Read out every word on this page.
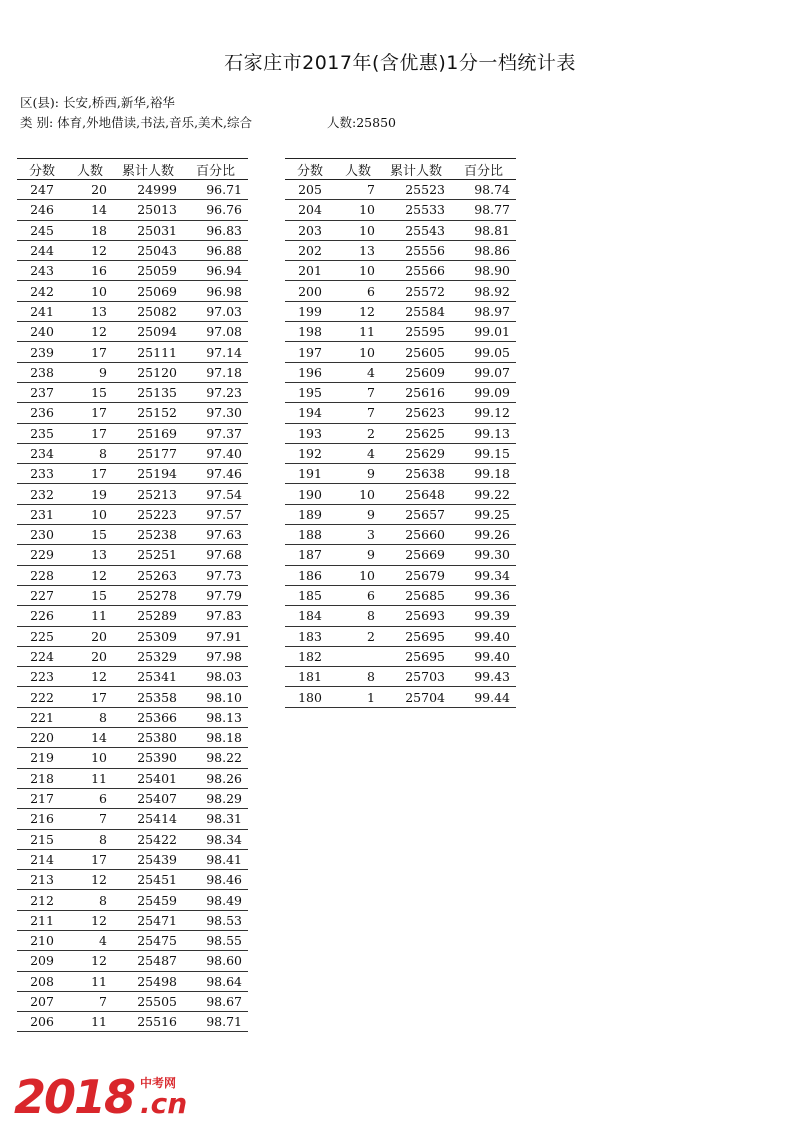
石家庄市2017年(含优惠)1分一档统计表
区(县): 长安,桥西,新华,裕华
类 别: 体育,外地借读,书法,音乐,美术,综合	人数:25850
分数	人数	累计人数	百分比
247	20	24999	96.71
246	14	25013	96.76
245	18	25031	96.83
244	12	25043	96.88
243	16	25059	96.94
242	10	25069	96.98
241	13	25082	97.03
240	12	25094	97.08
239	17	25111	97.14
238	9	25120	97.18
237	15	25135	97.23
236	17	25152	97.30
235	17	25169	97.37
234	8	25177	97.40
233	17	25194	97.46
232	19	25213	97.54
231	10	25223	97.57
230	15	25238	97.63
229	13	25251	97.68
228	12	25263	97.73
227	15	25278	97.79
226	11	25289	97.83
225	20	25309	97.91
224	20	25329	97.98
223	12	25341	98.03
222	17	25358	98.10
221	8	25366	98.13
220	14	25380	98.18
219	10	25390	98.22
218	11	25401	98.26
217	6	25407	98.29
216	7	25414	98.31
215	8	25422	98.34
214	17	25439	98.41
213	12	25451	98.46
212	8	25459	98.49
211	12	25471	98.53
210	4	25475	98.55
209	12	25487	98.60
208	11	25498	98.64
207	7	25505	98.67
206	11	25516	98.71
分数	人数	累计人数	百分比
205	7	25523	98.74
204	10	25533	98.77
203	10	25543	98.81
202	13	25556	98.86
201	10	25566	98.90
200	6	25572	98.92
199	12	25584	98.97
198	11	25595	99.01
197	10	25605	99.05
196	4	25609	99.07
195	7	25616	99.09
194	7	25623	99.12
193	2	25625	99.13
192	4	25629	99.15
191	9	25638	99.18
190	10	25648	99.22
189	9	25657	99.25
188	3	25660	99.26
187	9	25669	99.30
186	10	25679	99.34
185	6	25685	99.36
184	8	25693	99.39
183	2	25695	99.40
182		25695	99.40
181	8	25703	99.43
180	1	25704	99.44
2018 中考网
.cn
